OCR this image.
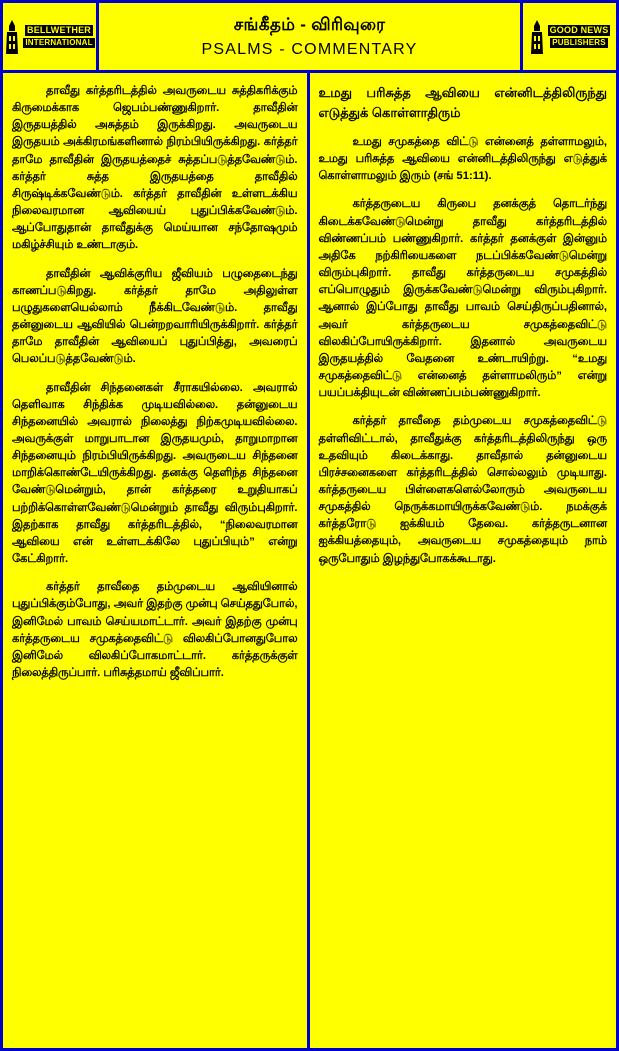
BELLWETHER
INTERNATIONAL
சங்கீதம் - விரிவுரை
PSALMS - COMMENTARY
GOOD NEWS
PUBLISHERS

தாவீது கர்த்தரிடத்தில் அவருடைய சுத்திகரிக்கும் கிருமைக்காக ஜெபம்பண்ணுகிறார். தாவீதின் இருதயத்தில் அசுத்தம் இருக்கிறது. அவருடைய இருதயம் அக்கிரமங்களினால் நிரம்பியிருக்கிறது. கர்த்தர் தாமே தாவீதின் இருதயத்தைச் சுத்தப்படுத்தவேண்டும். கர்த்தர் சுத்த இருதயத்தை தாவீதில் சிருஷ்டிக்கவேண்டும். கர்த்தர் தாவீதின் உள்ளடக்கிய நிலைவரமான ஆவியைய் புதுப்பிக்கவேண்டும். ஆப்போதுதான் தாவீதுக்கு மெய்யான சந்தோஷமும் மகிழ்ச்சியும் உண்டாகும்.

தாவீதின் ஆவிக்குரிய ஜீவியம் பழுதைடைந்து காணப்படுகிறது. கர்த்தர் தாமே அதிலுள்ள பழுதுகளையெல்லாம் நீக்கிடவேண்டும். தாவீது தன்னுடைய ஆவியில் பென்றறவாரியிருக்கிறார். கர்த்தர் தாமே தாவீதின் ஆவியைப் புதுப்பித்து, அவரைப் பெலப்படுத்தவேண்டும்.

தாவீதின் சிந்தனைகள் சீராகயில்லை. அவரால் தெளிவாக சிந்திக்க முடியவில்லை. தன்னுடைய சிந்தனையில் அவரால் நிலைத்து நிற்கமுடியவில்லை. அவருக்குள் மாறுபாடான இருதயமும், தாறுமாறான சிந்தனையும் நிரம்பியிருக்கிறது. அவருடைய சிந்தனை மாறிக்கொண்டேயிருக்கிறது. தனக்கு தெளிந்த சிந்தனை வேண்டுமென்றும், தான் கர்த்தரை உறுதியாகப் பற்றிக்கொள்ளவேண்டுமென்றும் தாவீது விரும்புகிறார். இதற்காக தாவீது கர்த்தரிடத்தில், “நிலைவரமான ஆவியை என் உள்ளடக்கிலே புதுப்பியும்” என்று கேட்கிறார்.

கர்த்தர் தாவீதை தம்முடைய ஆவியினால் புதுப்பிக்கும்போது, அவர் இதற்கு முன்பு செய்ததுபோல், இனிமேல் பாவம் செய்யமாட்டார். அவர் இதற்கு முன்பு கர்த்தருடைய சமுகத்தைவிட்டு விலகிப்போனதுபோல இனிமேல் விலகிப்போகமாட்டார். கர்த்தருக்குள் நிலைத்திருப்பார். பரிசுத்தமாய் ஜீவிப்பார்.

உமது பரிசுத்த ஆவியை என்னிடத்திலிருந்து எடுத்துக் கொள்ளாதிரும்

உமது சமுகத்தை விட்டு என்னைத் தள்ளாமலும், உமது பரிசுத்த ஆவியை என்னிடத்திலிருந்து எடுத்துக் கொள்ளாமலும் இரும் (சங் 51:11).

கர்த்தருடைய கிருபை தனக்குத் தொடர்ந்து கிடைக்கவேண்டுமென்று தாவீது கர்த்தரிடத்தில் விண்ணப்பம் பண்ணுகிறார். கர்த்தர் தனக்குள் இன்னும் அதிகே நற்கிரியைகளை நடப்பிக்கவேண்டுமென்று விரும்புகிறார். தாவீது கர்த்தருடைய சமுகத்தில் எப்பொழுதும் இருக்கவேண்டுமென்று விரும்புகிறார். ஆனால் இப்போது தாவீது பாவம் செய்திருப்பதினால், அவர் கர்த்தருடைய சமுகத்தைவிட்டு விலகிப்போயிருக்கிறார். இதனால் அவருடைய இருதயத்தில் வேதனை உண்டாயிற்று. “உமது சமுகத்தைவிட்டு என்னைத் தள்ளாமலிரும்” என்று பயப்பக்தியுடன் விண்ணப்பம்பண்ணுகிறார்.

கர்த்தர் தாவீதை தம்முடைய சமுகத்தைவிட்டு தள்ளிவிட்டால், தாவீதுக்கு கர்த்தரிடத்திலிருந்து ஒரு உதவியும் கிடைக்காது. தாவீதால் தன்னுடைய பிரச்சனைகளை கர்த்தரிடத்தில் சொல்லலும் முடியாது. கர்த்தருடைய பிள்ளைகளெல்லோரும் அவருடைய சமுகத்தில் நெருக்கமாயிருக்கவேண்டும். நமக்குக் கர்த்தரோடு ஐக்கியம் தேவை. கர்த்தருடனான ஐக்கியத்தையும், அவருடைய சமுகத்தையும் நாம் ஒருபோதும் இழந்துபோகக்கூடாது.
